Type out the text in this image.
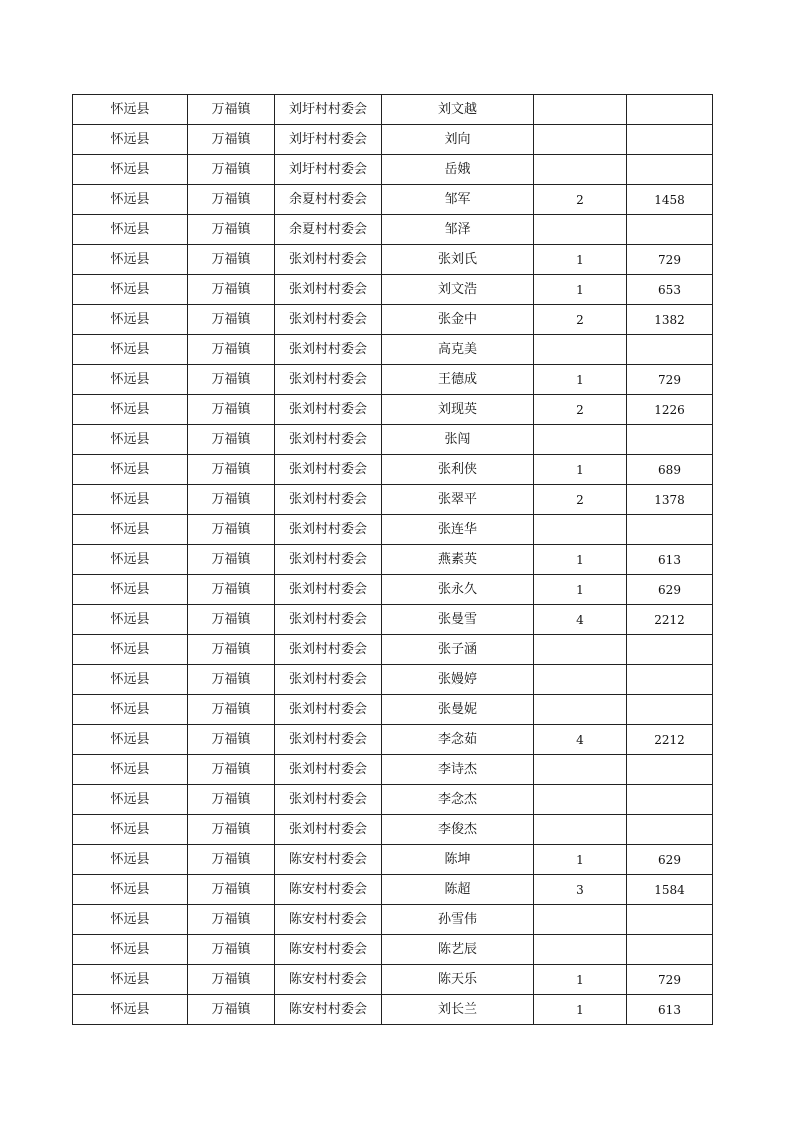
怀远县	万福镇	刘圩村村委会	刘文越		
怀远县	万福镇	刘圩村村委会	刘向		
怀远县	万福镇	刘圩村村委会	岳娥		
怀远县	万福镇	余夏村村委会	邹军	2	1458
怀远县	万福镇	余夏村村委会	邹泽		
怀远县	万福镇	张刘村村委会	张刘氏	1	729
怀远县	万福镇	张刘村村委会	刘文浩	1	653
怀远县	万福镇	张刘村村委会	张金中	2	1382
怀远县	万福镇	张刘村村委会	高克美		
怀远县	万福镇	张刘村村委会	王德成	1	729
怀远县	万福镇	张刘村村委会	刘现英	2	1226
怀远县	万福镇	张刘村村委会	张闯		
怀远县	万福镇	张刘村村委会	张利侠	1	689
怀远县	万福镇	张刘村村委会	张翠平	2	1378
怀远县	万福镇	张刘村村委会	张连华		
怀远县	万福镇	张刘村村委会	燕素英	1	613
怀远县	万福镇	张刘村村委会	张永久	1	629
怀远县	万福镇	张刘村村委会	张曼雪	4	2212
怀远县	万福镇	张刘村村委会	张子涵		
怀远县	万福镇	张刘村村委会	张嫚婷		
怀远县	万福镇	张刘村村委会	张曼妮		
怀远县	万福镇	张刘村村委会	李念茹	4	2212
怀远县	万福镇	张刘村村委会	李诗杰		
怀远县	万福镇	张刘村村委会	李念杰		
怀远县	万福镇	张刘村村委会	李俊杰		
怀远县	万福镇	陈安村村委会	陈坤	1	629
怀远县	万福镇	陈安村村委会	陈超	3	1584
怀远县	万福镇	陈安村村委会	孙雪伟		
怀远县	万福镇	陈安村村委会	陈艺辰		
怀远县	万福镇	陈安村村委会	陈天乐	1	729
怀远县	万福镇	陈安村村委会	刘长兰	1	613
